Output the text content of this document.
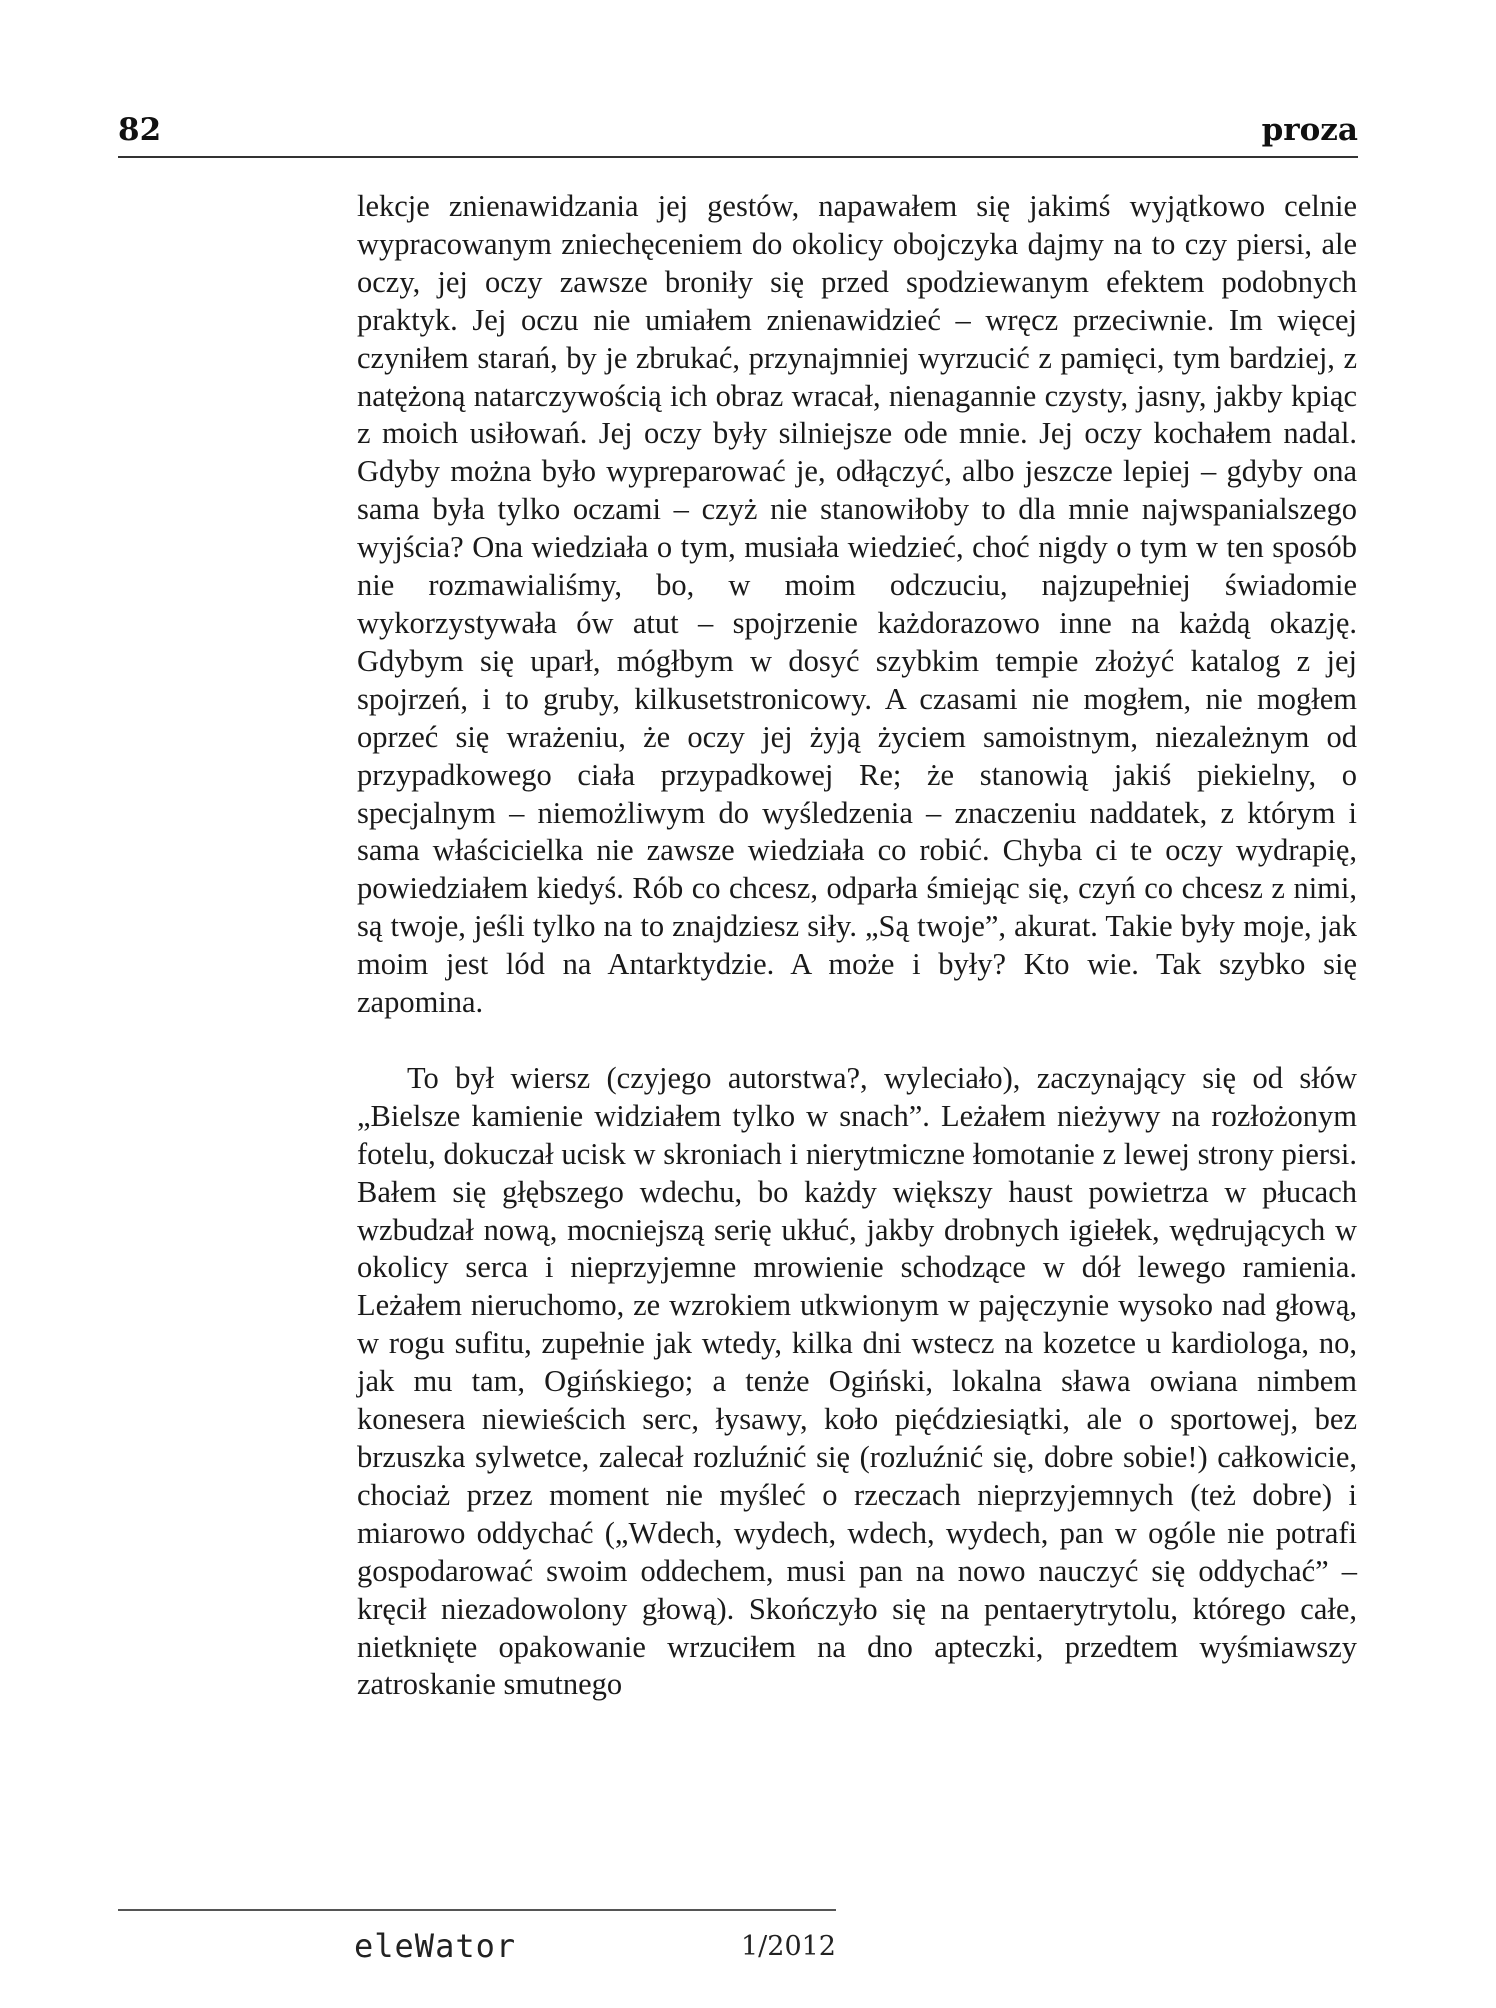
82	proza

lekcje znienawidzania jej gestów, napawałem się jakimś wyjątkowo celnie wypracowanym zniechęceniem do okolicy obojczyka dajmy na to czy piersi, ale oczy, jej oczy zawsze broniły się przed spodziewanym efektem podobnych praktyk. Jej oczu nie umiałem znienawidzieć – wręcz przeciwnie. Im więcej czyniłem starań, by je zbrukać, przynajmniej wyrzucić z pamięci, tym bardziej, z natężoną natarczywością ich obraz wracał, nienagannie czysty, jasny, jakby kpiąc z moich usiłowań. Jej oczy były silniejsze ode mnie. Jej oczy kochałem nadal. Gdyby można było wypreparować je, odłączyć, albo jeszcze lepiej – gdyby ona sama była tylko oczami – czyż nie stanowiłoby to dla mnie najwspanialszego wyjścia? Ona wiedziała o tym, musiała wiedzieć, choć nigdy o tym w ten sposób nie rozmawialiśmy, bo, w moim odczuciu, najzupełniej świadomie wykorzystywała ów atut – spojrzenie każdorazowo inne na każdą okazję. Gdybym się uparł, mógłbym w dosyć szybkim tempie złożyć katalog z jej spojrzeń, i to gruby, kilkusetstronicowy. A czasami nie mogłem, nie mogłem oprzeć się wrażeniu, że oczy jej żyją życiem samoistnym, niezależnym od przypadkowego ciała przypadkowej Re; że stanowią jakiś piekielny, o specjalnym – niemożliwym do wyśledzenia – znaczeniu naddatek, z którym i sama właścicielka nie zawsze wiedziała co robić. Chyba ci te oczy wydrapię, powiedziałem kiedyś. Rób co chcesz, odparła śmiejąc się, czyń co chcesz z nimi, są twoje, jeśli tylko na to znajdziesz siły. „Są twoje”, akurat. Takie były moje, jak moim jest lód na Antarktydzie. A może i były? Kto wie. Tak szybko się zapomina.

To był wiersz (czyjego autorstwa?, wyleciało), zaczynający się od słów „Bielsze kamienie widziałem tylko w snach”. Leżałem nieżywy na rozłożonym fotelu, dokuczał ucisk w skroniach i nierytmiczne łomotanie z lewej strony piersi. Bałem się głębszego wdechu, bo każdy większy haust powietrza w płucach wzbudzał nową, mocniejszą serię ukłuć, jakby drobnych igiełek, wędrujących w okolicy serca i nieprzyjemne mrowienie schodzące w dół lewego ramienia. Leżałem nieruchomo, ze wzrokiem utkwionym w pajęczynie wysoko nad głową, w rogu sufitu, zupełnie jak wtedy, kilka dni wstecz na kozetce u kardiologa, no, jak mu tam, Ogińskiego; a tenże Ogiński, lokalna sława owiana nimbem konesera niewieścich serc, łysawy, koło pięćdziesiątki, ale o sportowej, bez brzuszka sylwetce, zalecał rozluźnić się (rozluźnić się, dobre sobie!) całkowicie, chociaż przez moment nie myśleć o rzeczach nieprzyjemnych (też dobre) i miarowo oddychać („Wdech, wydech, wdech, wydech, pan w ogóle nie potrafi gospodarować swoim oddechem, musi pan na nowo nauczyć się oddychać” – kręcił niezadowolony głową). Skończyło się na pentaerytrytolu, którego całe, nietknięte opakowanie wrzuciłem na dno apteczki, przedtem wyśmiawszy zatroskanie smutnego

eleWator	1/2012
